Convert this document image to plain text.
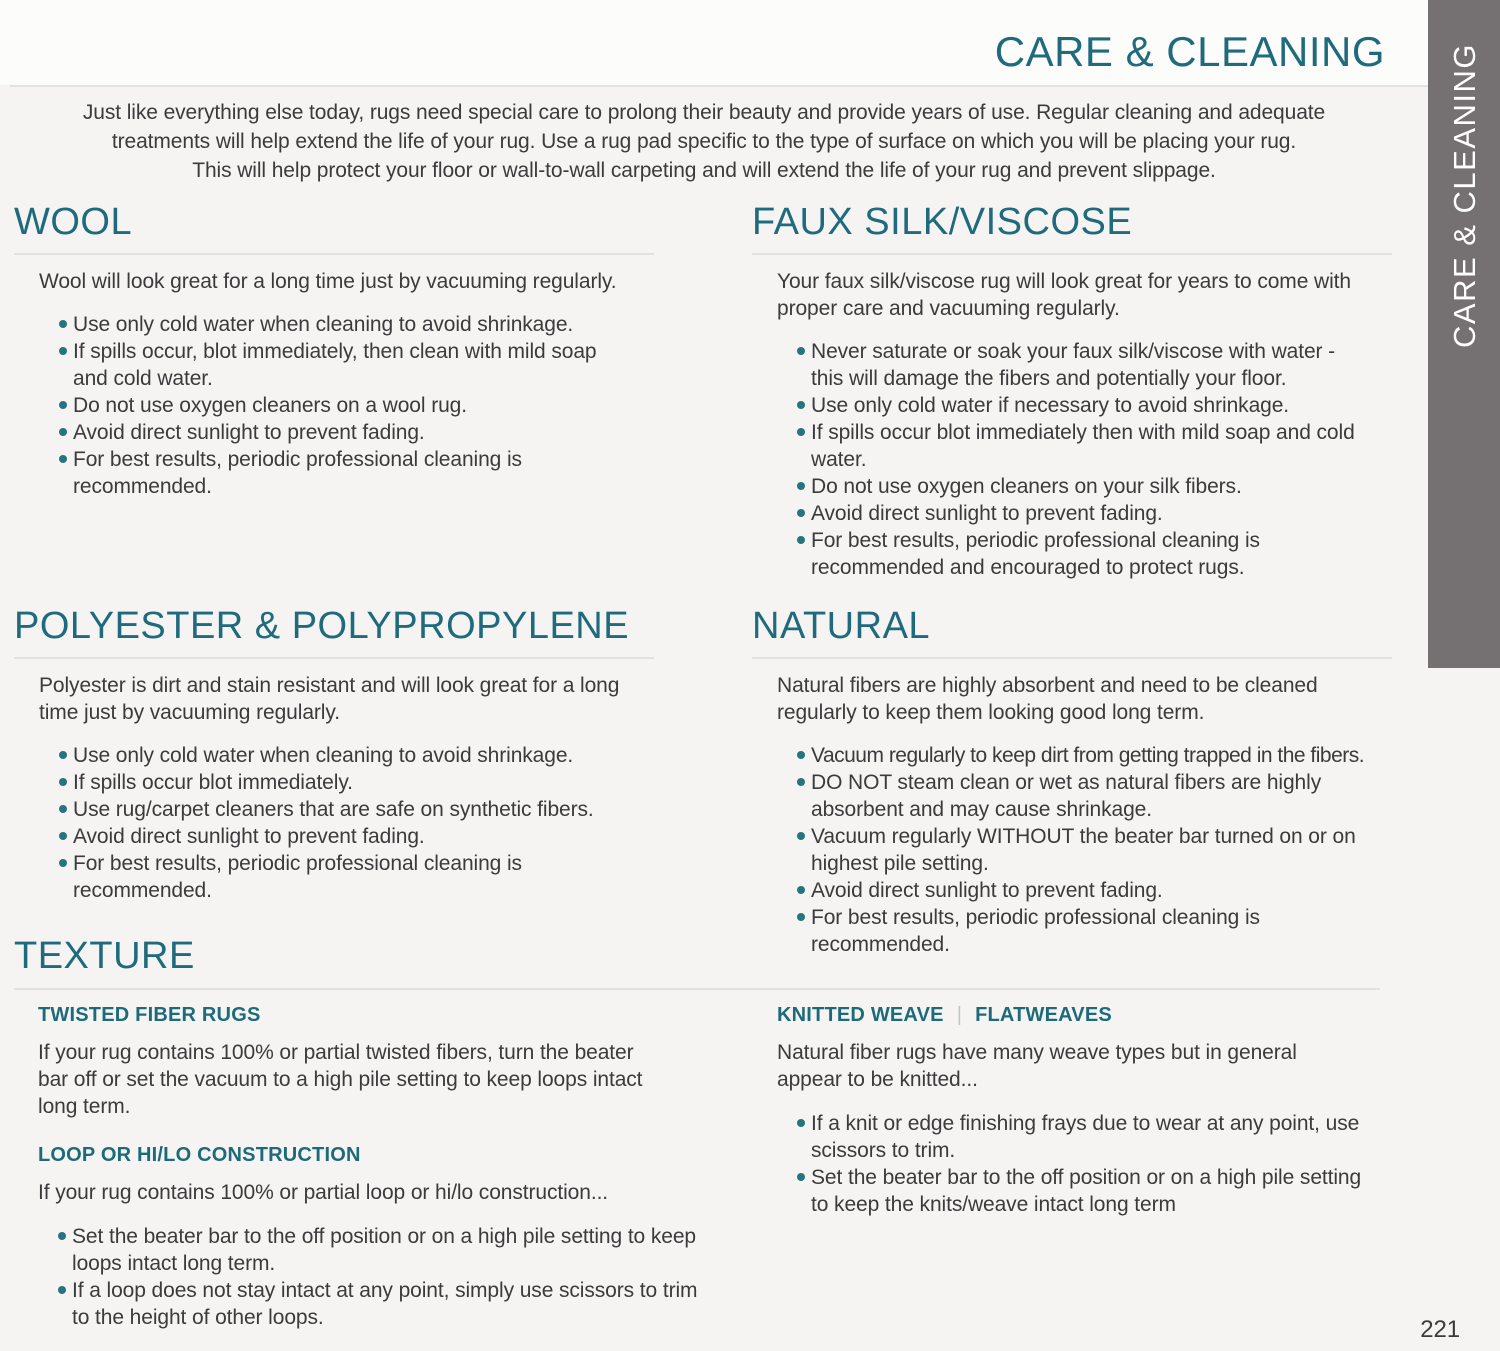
CARE & CLEANING
Just like everything else today, rugs need special care to prolong their beauty and provide years of use. Regular cleaning and adequate
treatments will help extend the life of your rug. Use a rug pad specific to the type of surface on which you will be placing your rug.
This will help protect your floor or wall-to-wall carpeting and will extend the life of your rug and prevent slippage.
WOOL
Wool will look great for a long time just by vacuuming regularly.
Use only cold water when cleaning to avoid shrinkage.
If spills occur, blot immediately, then clean with mild soap and cold water.
Do not use oxygen cleaners on a wool rug.
Avoid direct sunlight to prevent fading.
For best results, periodic professional cleaning is recommended.
FAUX SILK/VISCOSE
Your faux silk/viscose rug will look great for years to come with proper care and vacuuming regularly.
Never saturate or soak your faux silk/viscose with water - this will damage the fibers and potentially your floor.
Use only cold water if necessary to avoid shrinkage.
If spills occur blot immediately then with mild soap and cold water.
Do not use oxygen cleaners on your silk fibers.
Avoid direct sunlight to prevent fading.
For best results, periodic professional cleaning is recommended and encouraged to protect rugs.
POLYESTER & POLYPROPYLENE
Polyester is dirt and stain resistant and will look great for a long time just by vacuuming regularly.
Use only cold water when cleaning to avoid shrinkage.
If spills occur blot immediately.
Use rug/carpet cleaners that are safe on synthetic fibers.
Avoid direct sunlight to prevent fading.
For best results, periodic professional cleaning is recommended.
NATURAL
Natural fibers are highly absorbent and need to be cleaned regularly to keep them looking good long term.
Vacuum regularly to keep dirt from getting trapped in the fibers.
DO NOT steam clean or wet as natural fibers are highly absorbent and may cause shrinkage.
Vacuum regularly WITHOUT the beater bar turned on or on highest pile setting.
Avoid direct sunlight to prevent fading.
For best results, periodic professional cleaning is recommended.
TEXTURE
TWISTED FIBER RUGS
If your rug contains 100% or partial twisted fibers, turn the beater bar off or set the vacuum to a high pile setting to keep loops intact long term.
LOOP OR HI/LO CONSTRUCTION
If your rug contains 100% or partial loop or hi/lo construction...
Set the beater bar to the off position or on a high pile setting to keep loops intact long term.
If a loop does not stay intact at any point, simply use scissors to trim to the height of other loops.
KNITTED WEAVE | FLATWEAVES
Natural fiber rugs have many weave types but in general appear to be knitted...
If a knit or edge finishing frays due to wear at any point, use scissors to trim.
Set the beater bar to the off position or on a high pile setting to keep the knits/weave intact long term
CARE & CLEANING
221
